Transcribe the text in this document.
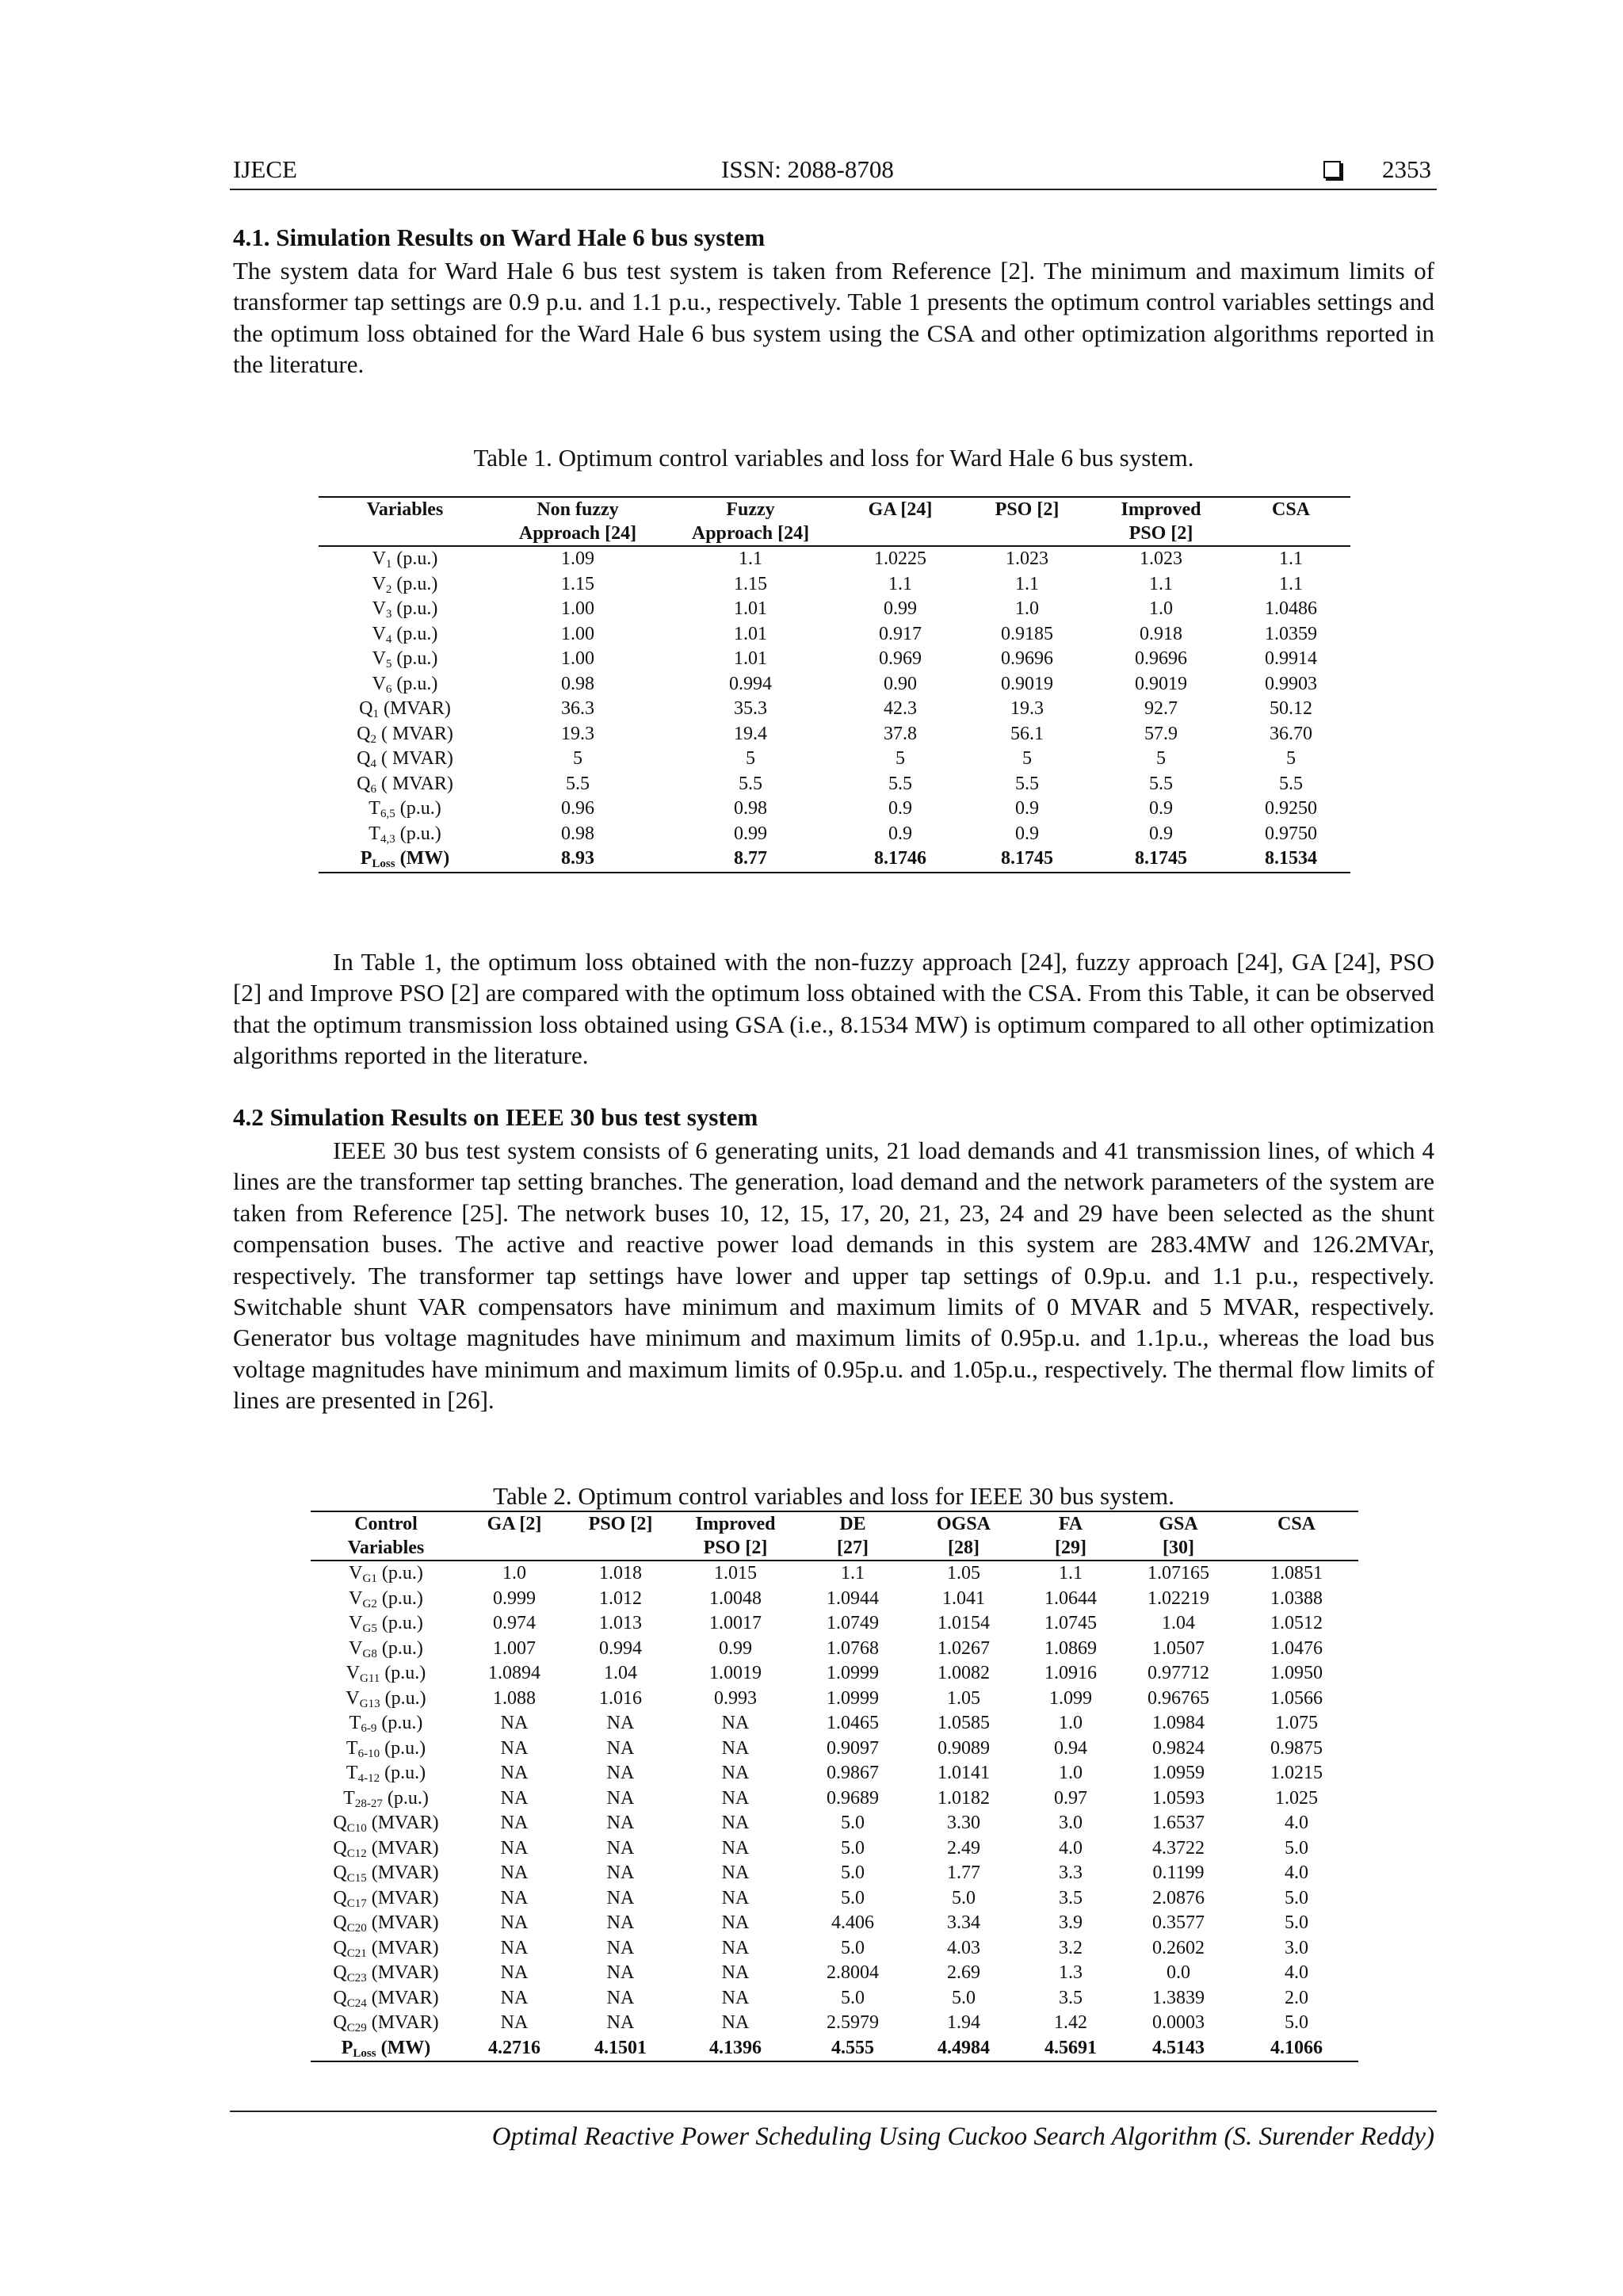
IJECE	ISSN: 2088-8708	2353
4.1. Simulation Results on Ward Hale 6 bus system

The system data for Ward Hale 6 bus test system is taken from Reference [2]. The minimum and maximum limits of transformer tap settings are 0.9 p.u. and 1.1 p.u., respectively. Table 1 presents the optimum control variables settings and the optimum loss obtained for the Ward Hale 6 bus system using the CSA and other optimization algorithms reported in the literature.

Table 1. Optimum control variables and loss for Ward Hale 6 bus system.
Variables	Non fuzzy	Fuzzy	GA [24]	PSO [2]	Improved	CSA
	Approach [24]	Approach [24]			PSO [2]	
$V_1$ (p.u.)	1.09	1.1	1.0225	1.023	1.023	1.1
$V_2$ (p.u.)	1.15	1.15	1.1	1.1	1.1	1.1
$V_3$ (p.u.)	1.00	1.01	0.99	1.0	1.0	1.0486
$V_4$ (p.u.)	1.00	1.01	0.917	0.9185	0.918	1.0359
$V_5$ (p.u.)	1.00	1.01	0.969	0.9696	0.9696	0.9914
$V_6$ (p.u.)	0.98	0.994	0.90	0.9019	0.9019	0.9903
$Q_1$ (MVAR)	36.3	35.3	42.3	19.3	92.7	50.12
$Q_2$ ( MVAR)	19.3	19.4	37.8	56.1	57.9	36.70
$Q_4$ ( MVAR)	5	5	5	5	5	5
$Q_6$ ( MVAR)	5.5	5.5	5.5	5.5	5.5	5.5
$T_{6,5}$ (p.u.)	0.96	0.98	0.9	0.9	0.9	0.9250
$T_{4,3}$ (p.u.)	0.98	0.99	0.9	0.9	0.9	0.9750
$P_{Loss}$ (MW)	8.93	8.77	8.1746	8.1745	8.1745	8.1534

In Table 1, the optimum loss obtained with the non-fuzzy approach [24], fuzzy approach [24], GA [24], PSO [2] and Improve PSO [2] are compared with the optimum loss obtained with the CSA. From this Table, it can be observed that the optimum transmission loss obtained using GSA (i.e., 8.1534 MW) is optimum compared to all other optimization algorithms reported in the literature.

4.2 Simulation Results on IEEE 30 bus test system

IEEE 30 bus test system consists of 6 generating units, 21 load demands and 41 transmission lines, of which 4 lines are the transformer tap setting branches. The generation, load demand and the network parameters of the system are taken from Reference [25]. The network buses 10, 12, 15, 17, 20, 21, 23, 24 and 29 have been selected as the shunt compensation buses. The active and reactive power load demands in this system are 283.4MW and 126.2MVAr, respectively. The transformer tap settings have lower and upper tap settings of 0.9p.u. and 1.1 p.u., respectively. Switchable shunt VAR compensators have minimum and maximum limits of 0 MVAR and 5 MVAR, respectively. Generator bus voltage magnitudes have minimum and maximum limits of 0.95p.u. and 1.1p.u., whereas the load bus voltage magnitudes have minimum and maximum limits of 0.95p.u. and 1.05p.u., respectively. The thermal flow limits of lines are presented in [26].

Table 2. Optimum control variables and loss for IEEE 30 bus system.
Control	GA [2]	PSO [2]	Improved	DE	OGSA	FA	GSA	CSA
Variables			PSO [2]	[27]	[28]	[29]	[30]	
$V_{G1}$ (p.u.)	1.0	1.018	1.015	1.1	1.05	1.1	1.07165	1.0851
$V_{G2}$ (p.u.)	0.999	1.012	1.0048	1.0944	1.041	1.0644	1.02219	1.0388
$V_{G5}$ (p.u.)	0.974	1.013	1.0017	1.0749	1.0154	1.0745	1.04	1.0512
$V_{G8}$ (p.u.)	1.007	0.994	0.99	1.0768	1.0267	1.0869	1.0507	1.0476
$V_{G11}$ (p.u.)	1.0894	1.04	1.0019	1.0999	1.0082	1.0916	0.97712	1.0950
$V_{G13}$ (p.u.)	1.088	1.016	0.993	1.0999	1.05	1.099	0.96765	1.0566
$T_{6-9}$ (p.u.)	NA	NA	NA	1.0465	1.0585	1.0	1.0984	1.075
$T_{6-10}$ (p.u.)	NA	NA	NA	0.9097	0.9089	0.94	0.9824	0.9875
$T_{4-12}$ (p.u.)	NA	NA	NA	0.9867	1.0141	1.0	1.0959	1.0215
$T_{28-27}$ (p.u.)	NA	NA	NA	0.9689	1.0182	0.97	1.0593	1.025
$Q_{C10}$ (MVAR)	NA	NA	NA	5.0	3.30	3.0	1.6537	4.0
$Q_{C12}$ (MVAR)	NA	NA	NA	5.0	2.49	4.0	4.3722	5.0
$Q_{C15}$ (MVAR)	NA	NA	NA	5.0	1.77	3.3	0.1199	4.0
$Q_{C17}$ (MVAR)	NA	NA	NA	5.0	5.0	3.5	2.0876	5.0
$Q_{C20}$ (MVAR)	NA	NA	NA	4.406	3.34	3.9	0.3577	5.0
$Q_{C21}$ (MVAR)	NA	NA	NA	5.0	4.03	3.2	0.2602	3.0
$Q_{C23}$ (MVAR)	NA	NA	NA	2.8004	2.69	1.3	0.0	4.0
$Q_{C24}$ (MVAR)	NA	NA	NA	5.0	5.0	3.5	1.3839	2.0
$Q_{C29}$ (MVAR)	NA	NA	NA	2.5979	1.94	1.42	0.0003	5.0
$P_{Loss}$ (MW)	4.2716	4.1501	4.1396	4.555	4.4984	4.5691	4.5143	4.1066
Optimal Reactive Power Scheduling Using Cuckoo Search Algorithm (S. Surender Reddy)
